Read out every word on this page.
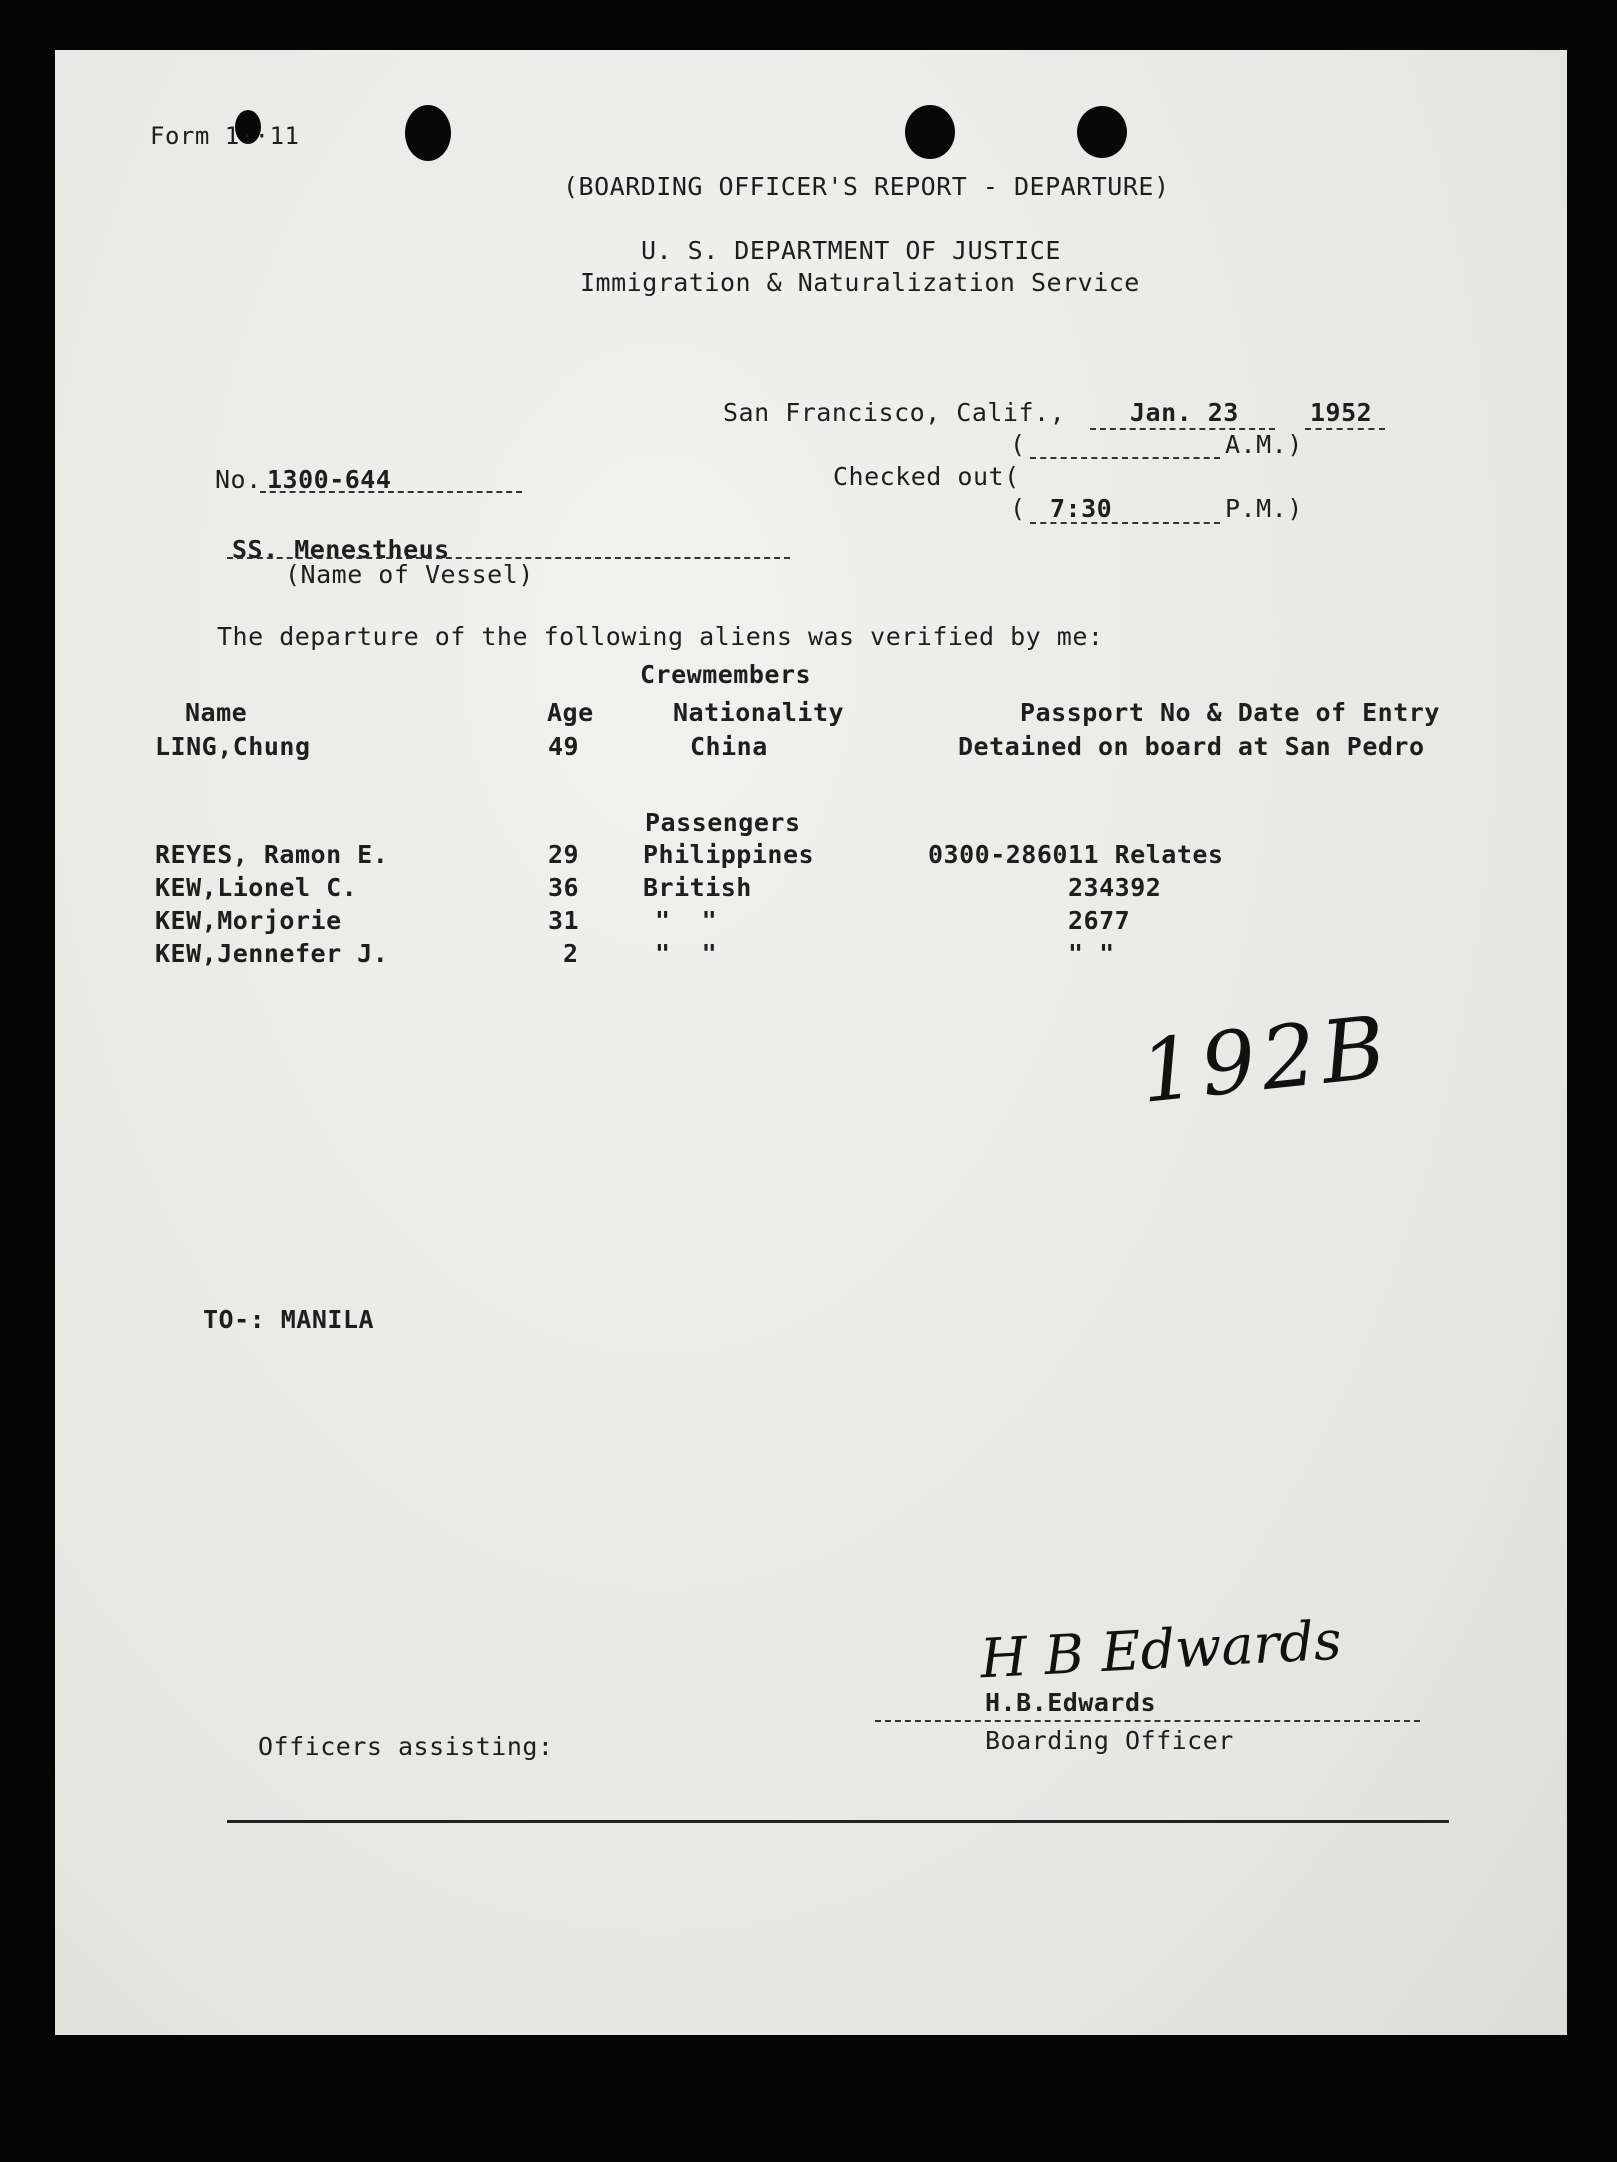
Form 1··11
(BOARDING OFFICER'S REPORT - DEPARTURE)
U. S. DEPARTMENT OF JUSTICE
Immigration & Naturalization Service
San Francisco, Calif.,	Jan. 23	1952
(	A.M.)
Checked out(
( 7:30	P.M.)
No. 1300-644
SS. Menestheus
(Name of Vessel)
The departure of the following aliens was verified by me:
Crewmembers
Name	Age	Nationality	Passport No & Date of Entry
LING,Chung	49	China	Detained on board at San Pedro
Passengers
REYES, Ramon E.	29	Philippines	0300-286011 Relates
KEW,Lionel C.	36	British	234392
KEW,Morjorie	31	"  "	2677
KEW,Jennefer J.	2	"  "	" "
192B
TO-: MANILA
H B Edwards
H.B.Edwards
Boarding Officer
Officers assisting:
